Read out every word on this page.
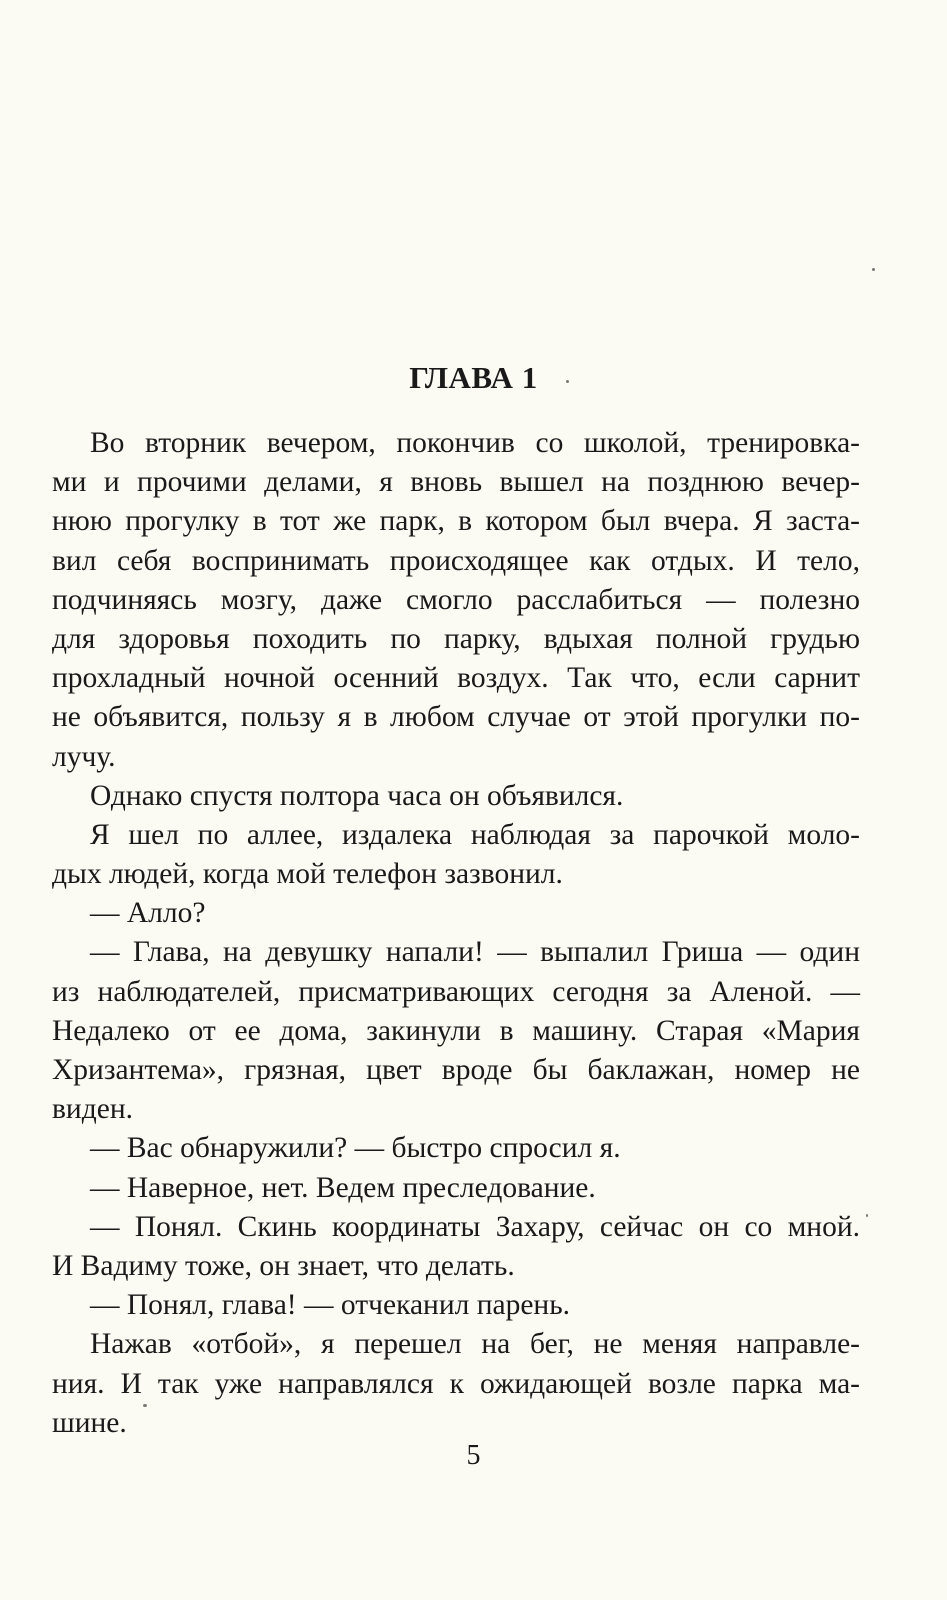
ГЛАВА 1
Во вторник вечером, покончив со школой, тренировка-
ми и прочими делами, я вновь вышел на позднюю вечер-
нюю прогулку в тот же парк, в котором был вчера. Я заста-
вил себя воспринимать происходящее как отдых. И тело,
подчиняясь мозгу, даже смогло расслабиться — полезно
для здоровья походить по парку, вдыхая полной грудью
прохладный ночной осенний воздух. Так что, если сарнит
не объявится, пользу я в любом случае от этой прогулки по-
лучу.
Однако спустя полтора часа он объявился.
Я шел по аллее, издалека наблюдая за парочкой моло-
дых людей, когда мой телефон зазвонил.
— Алло?
— Глава, на девушку напали! — выпалил Гриша — один
из наблюдателей, присматривающих сегодня за Аленой. —
Недалеко от ее дома, закинули в машину. Старая «Мария
Хризантема», грязная, цвет вроде бы баклажан, номер не
виден.
— Вас обнаружили? — быстро спросил я.
— Наверное, нет. Ведем преследование.
— Понял. Скинь координаты Захару, сейчас он со мной.
И Вадиму тоже, он знает, что делать.
— Понял, глава! — отчеканил парень.
Нажав «отбой», я перешел на бег, не меняя направле-
ния. И так уже направлялся к ожидающей возле парка ма-
шине.
5
